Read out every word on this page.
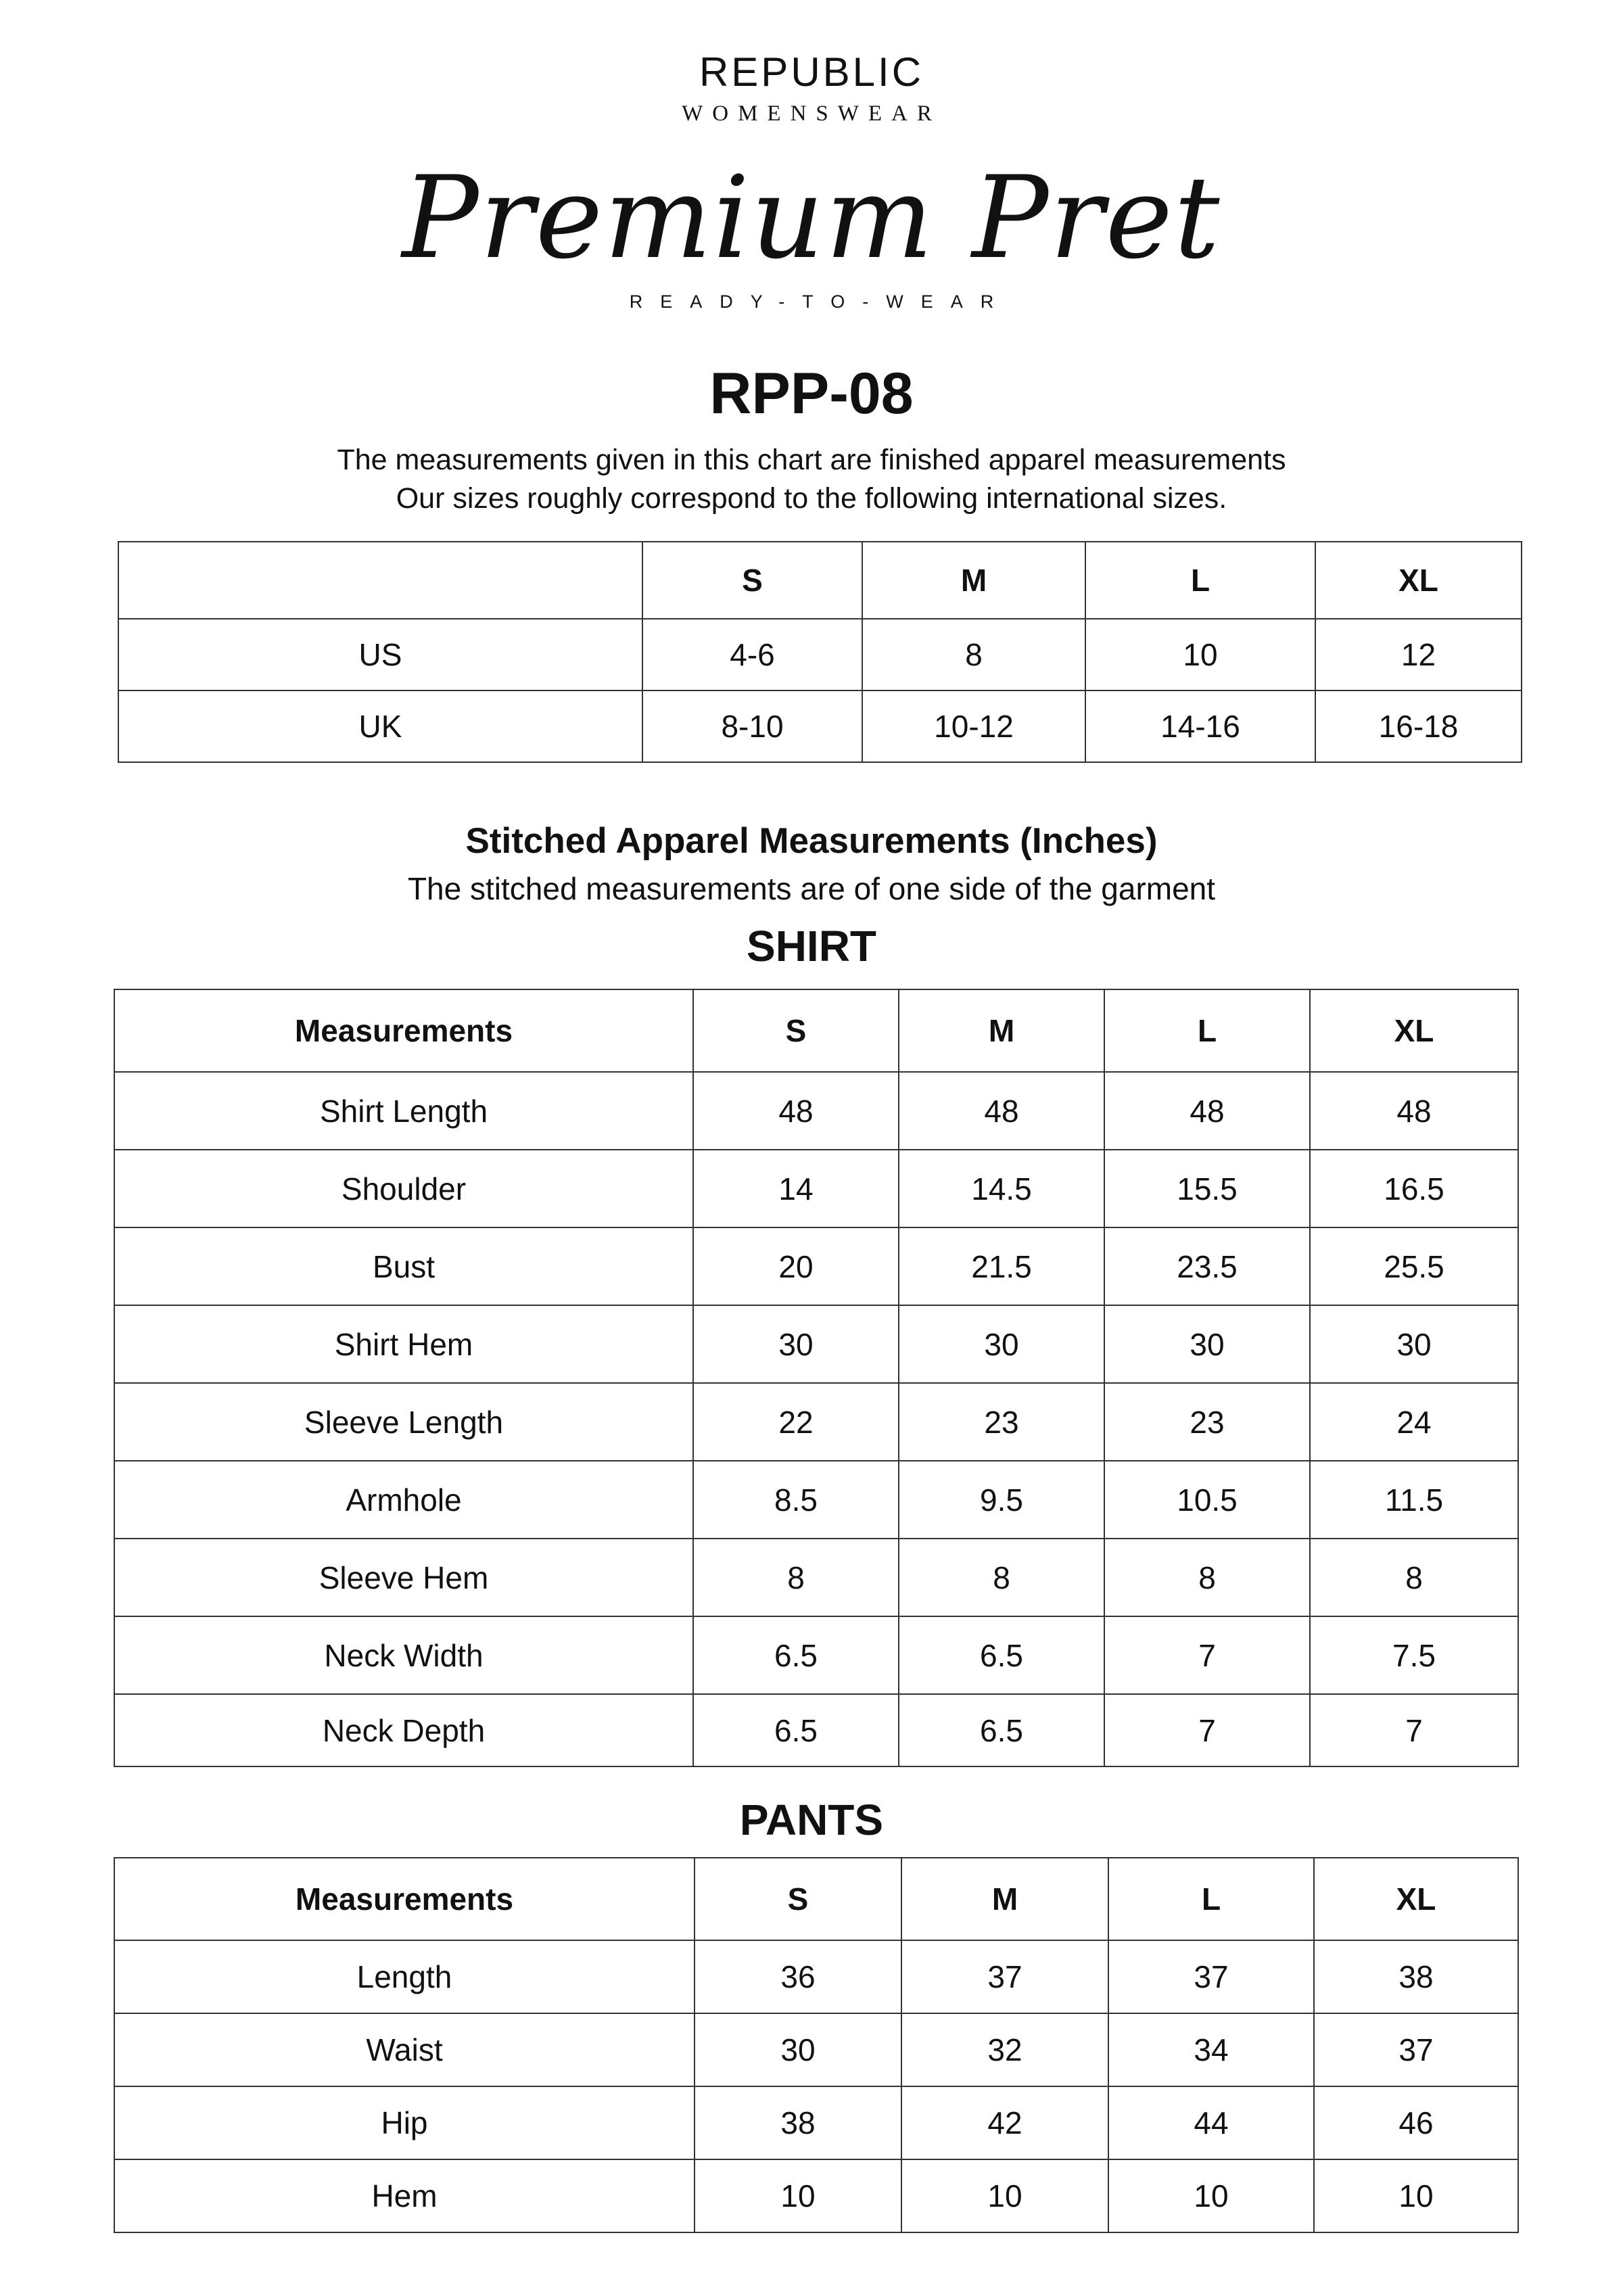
REPUBLIC
WOMENSWEAR
Premium Pret
READY-TO-WEAR
RPP-08
The measurements given in this chart are finished apparel measurements
Our sizes roughly correspond to the following international sizes.
	S	M	L	XL
US	4-6	8	10	12
UK	8-10	10-12	14-16	16-18
Stitched Apparel Measurements (Inches)
The stitched measurements are of one side of the garment
SHIRT
Measurements	S	M	L	XL
Shirt Length	48	48	48	48
Shoulder	14	14.5	15.5	16.5
Bust	20	21.5	23.5	25.5
Shirt Hem	30	30	30	30
Sleeve Length	22	23	23	24
Armhole	8.5	9.5	10.5	11.5
Sleeve Hem	8	8	8	8
Neck Width	6.5	6.5	7	7.5
Neck Depth	6.5	6.5	7	7
PANTS
Measurements	S	M	L	XL
Length	36	37	37	38
Waist	30	32	34	37
Hip	38	42	44	46
Hem	10	10	10	10
